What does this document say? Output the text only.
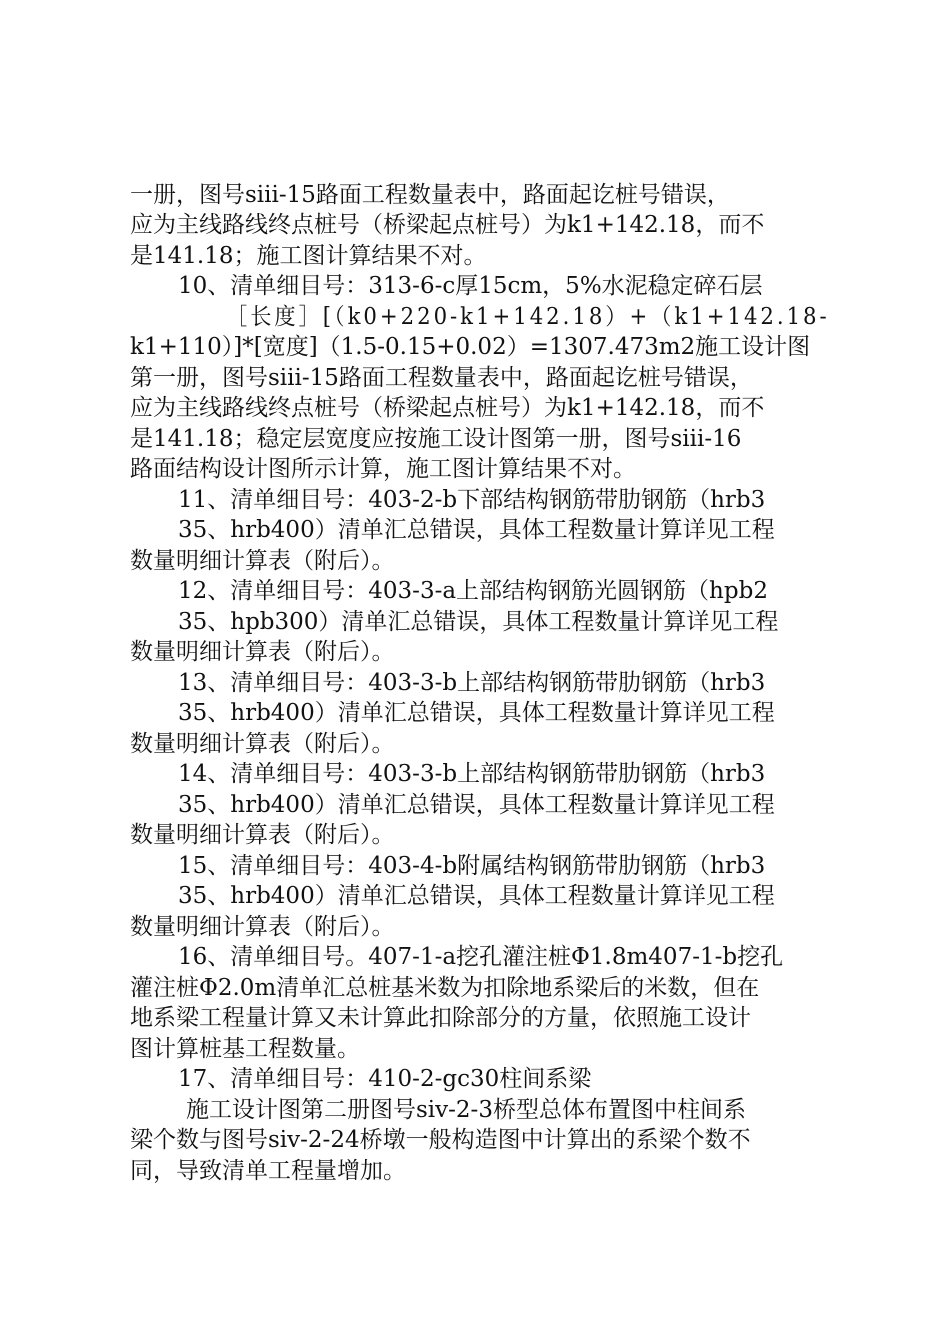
一册，图号siii-15路面工程数量表中，路面起讫桩号错误，
应为主线路线终点桩号（桥梁起点桩号）为k1+142.18，而不
是141.18；施工图计算结果不对。
10、清单细目号：313-6-c厚15cm，5%水泥稳定碎石层
［长度］[（k0+220-k1+142.18）+（k1+142.18-
k1+110）]*[宽度]（1.5-0.15+0.02）=1307.473m2施工设计图
第一册，图号siii-15路面工程数量表中，路面起讫桩号错误，
应为主线路线终点桩号（桥梁起点桩号）为k1+142.18，而不
是141.18；稳定层宽度应按施工设计图第一册，图号siii-16
路面结构设计图所示计算，施工图计算结果不对。
11、清单细目号：403-2-b下部结构钢筋带肋钢筋（hrb3
35、hrb400）清单汇总错误，具体工程数量计算详见工程
数量明细计算表（附后）。
12、清单细目号：403-3-a上部结构钢筋光圆钢筋（hpb2
35、hpb300）清单汇总错误，具体工程数量计算详见工程
数量明细计算表（附后）。
13、清单细目号：403-3-b上部结构钢筋带肋钢筋（hrb3
35、hrb400）清单汇总错误，具体工程数量计算详见工程
数量明细计算表（附后）。
14、清单细目号：403-3-b上部结构钢筋带肋钢筋（hrb3
35、hrb400）清单汇总错误，具体工程数量计算详见工程
数量明细计算表（附后）。
15、清单细目号：403-4-b附属结构钢筋带肋钢筋（hrb3
35、hrb400）清单汇总错误，具体工程数量计算详见工程
数量明细计算表（附后）。
16、清单细目号。407-1-a挖孔灌注桩Φ1.8m407-1-b挖孔
灌注桩Φ2.0m清单汇总桩基米数为扣除地系梁后的米数，但在
地系梁工程量计算又未计算此扣除部分的方量，依照施工设计
图计算桩基工程数量。
17、清单细目号：410-2-gc30柱间系梁
施工设计图第二册图号siv-2-3桥型总体布置图中柱间系
梁个数与图号siv-2-24桥墩一般构造图中计算出的系梁个数不
同，导致清单工程量增加。
